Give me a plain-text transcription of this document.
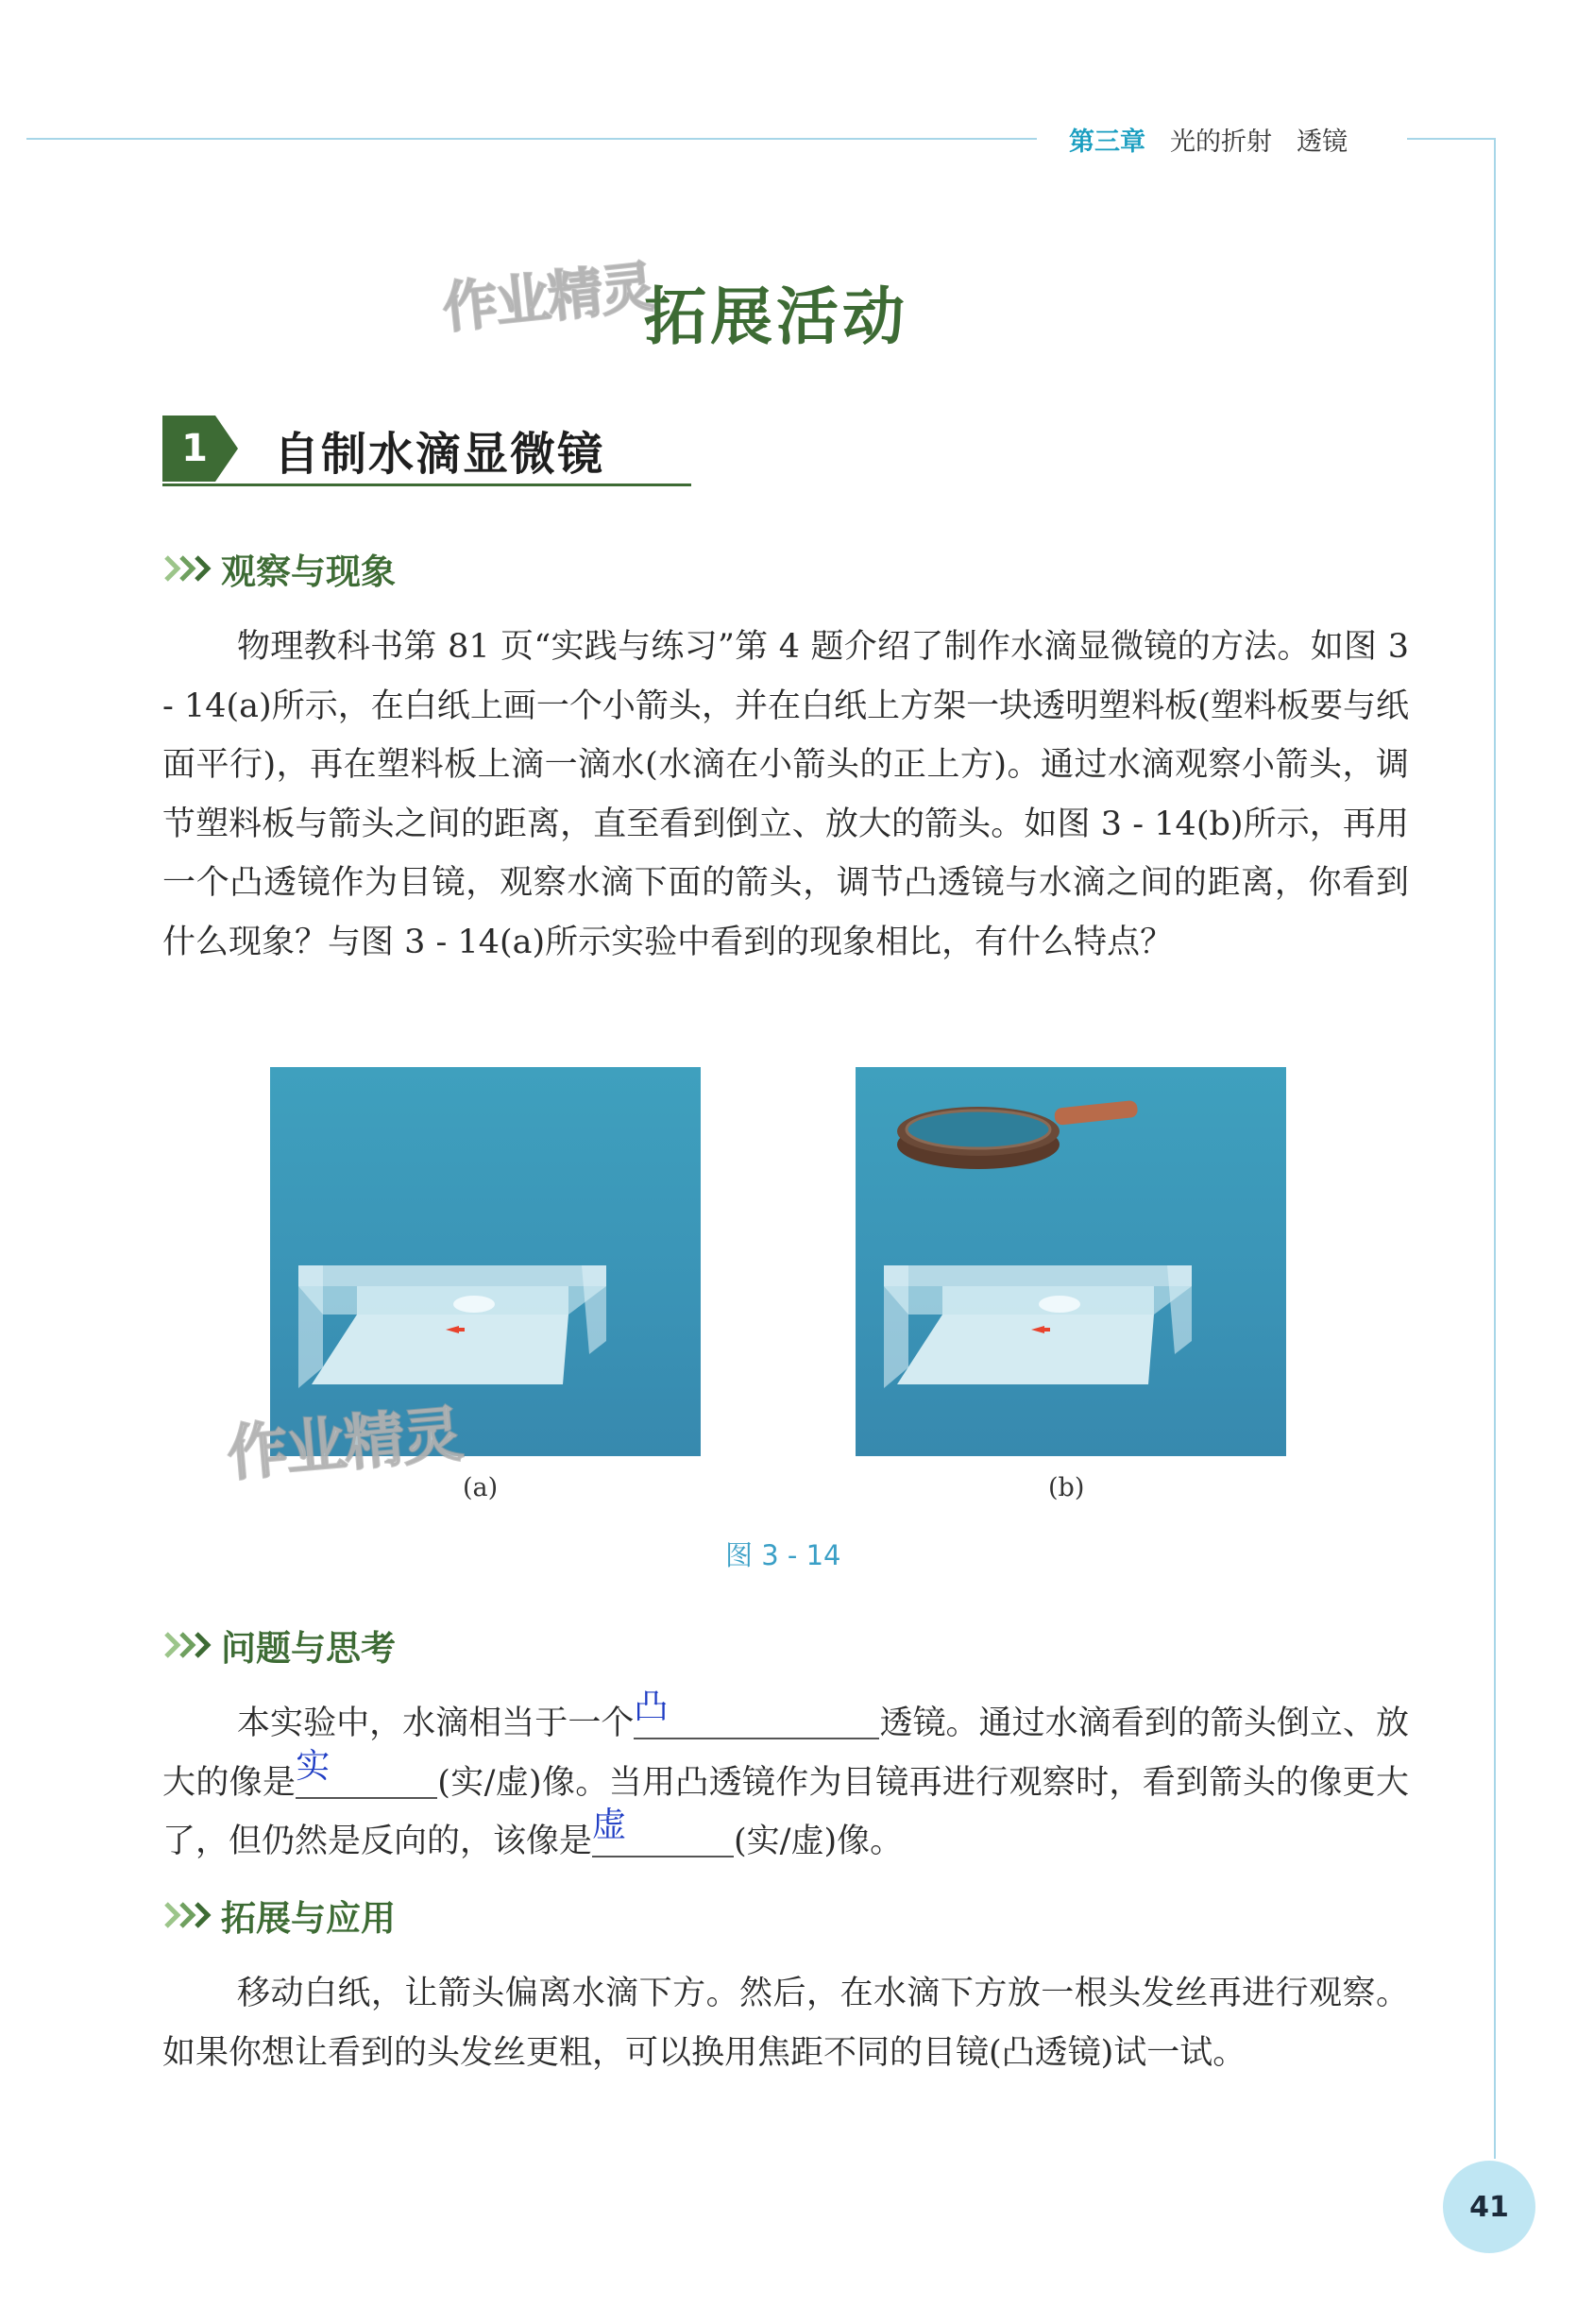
第三章 光的折射 透镜
作业精灵
拓展活动
1 自制水滴显微镜
观察与现象

物理教科书第 81 页“实践与练习”第 4 题介绍了制作水滴显微镜的方法。如图 3 - 14(a)所示，在白纸上画一个小箭头，并在白纸上方架一块透明塑料板(塑料板要与纸面平行)，再在塑料板上滴一滴水(水滴在小箭头的正上方)。通过水滴观察小箭头，调节塑料板与箭头之间的距离，直至看到倒立、放大的箭头。如图 3 - 14(b)所示，再用一个凸透镜作为目镜，观察水滴下面的箭头，调节凸透镜与水滴之间的距离，你看到什么现象？与图 3 - 14(a)所示实验中看到的现象相比，有什么特点？

作业精灵
(a)	(b)
图 3 - 14
问题与思考

本实验中，水滴相当于一个 凸	透镜。通过水滴看到的箭头倒立、放大的像是 实	(实/虚)像。当用凸透镜作为目镜再进行观察时，看到箭头的像更大了，但仍然是反向的，该像是 虚	(实/虚)像。

拓展与应用

移动白纸，让箭头偏离水滴下方。然后，在水滴下方放一根头发丝再进行观察。如果你想让看到的头发丝更粗，可以换用焦距不同的目镜(凸透镜)试一试。

41
